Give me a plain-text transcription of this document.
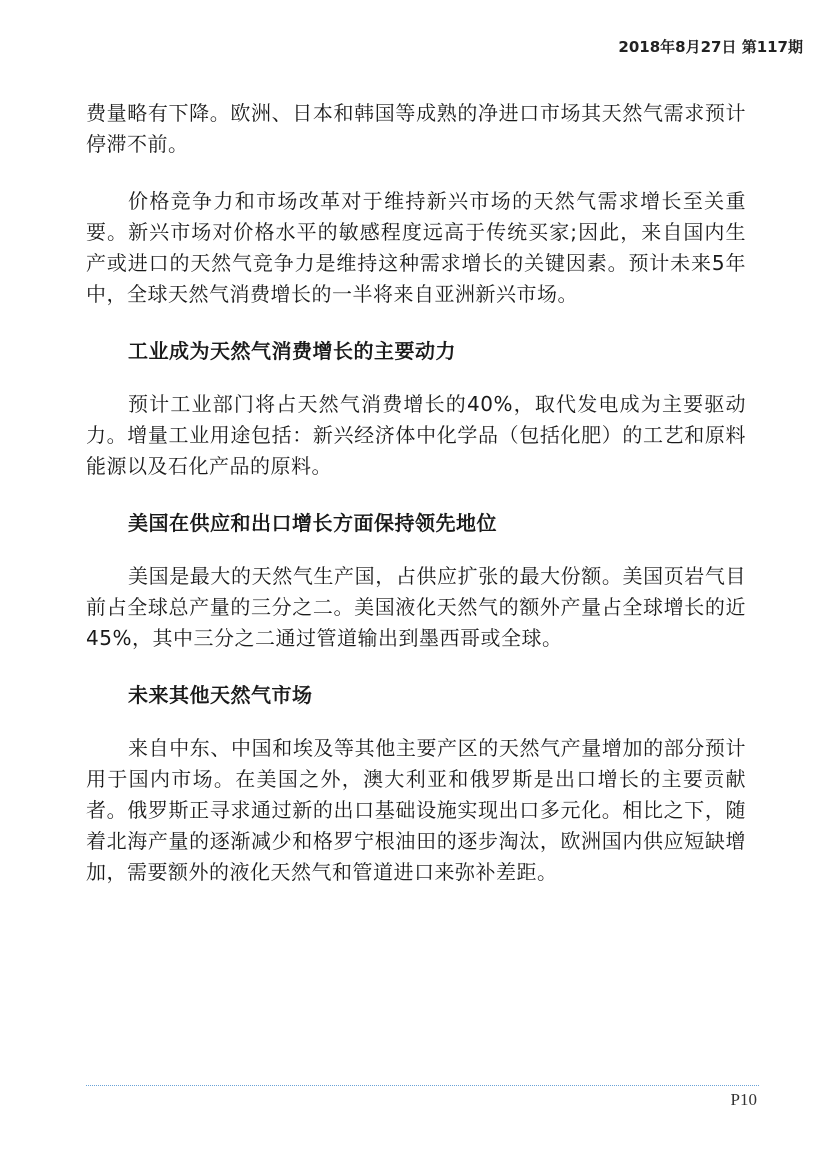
2018年8月27日 第117期

费量略有下降。欧洲、日本和韩国等成熟的净进口市场其天然气需求预计停滞不前。

价格竞争力和市场改革对于维持新兴市场的天然气需求增长至关重要。新兴市场对价格水平的敏感程度远高于传统买家;因此，来自国内生产或进口的天然气竞争力是维持这种需求增长的关键因素。预计未来5年中，全球天然气消费增长的一半将来自亚洲新兴市场。

工业成为天然气消费增长的主要动力

预计工业部门将占天然气消费增长的40%，取代发电成为主要驱动力。增量工业用途包括：新兴经济体中化学品（包括化肥）的工艺和原料能源以及石化产品的原料。

美国在供应和出口增长方面保持领先地位

美国是最大的天然气生产国，占供应扩张的最大份额。美国页岩气目前占全球总产量的三分之二。美国液化天然气的额外产量占全球增长的近45%，其中三分之二通过管道输出到墨西哥或全球。

未来其他天然气市场

来自中东、中国和埃及等其他主要产区的天然气产量增加的部分预计用于国内市场。在美国之外，澳大利亚和俄罗斯是出口增长的主要贡献者。俄罗斯正寻求通过新的出口基础设施实现出口多元化。相比之下，随着北海产量的逐渐减少和格罗宁根油田的逐步淘汰，欧洲国内供应短缺增加，需要额外的液化天然气和管道进口来弥补差距。

P10
